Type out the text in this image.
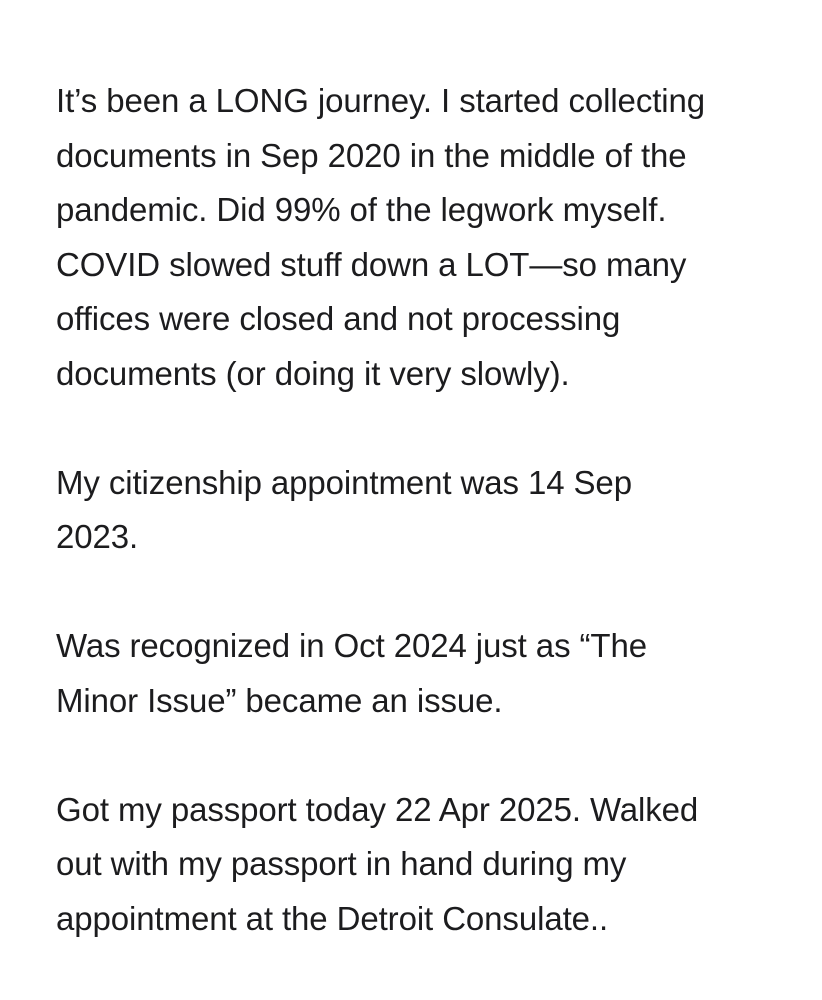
It’s been a LONG journey. I started collecting
documents in Sep 2020 in the middle of the
pandemic. Did 99% of the legwork myself.
COVID slowed stuff down a LOT—so many
offices were closed and not processing
documents (or doing it very slowly).

My citizenship appointment was 14 Sep
2023.

Was recognized in Oct 2024 just as “The
Minor Issue” became an issue.

Got my passport today 22 Apr 2025. Walked
out with my passport in hand during my
appointment at the Detroit Consulate..
